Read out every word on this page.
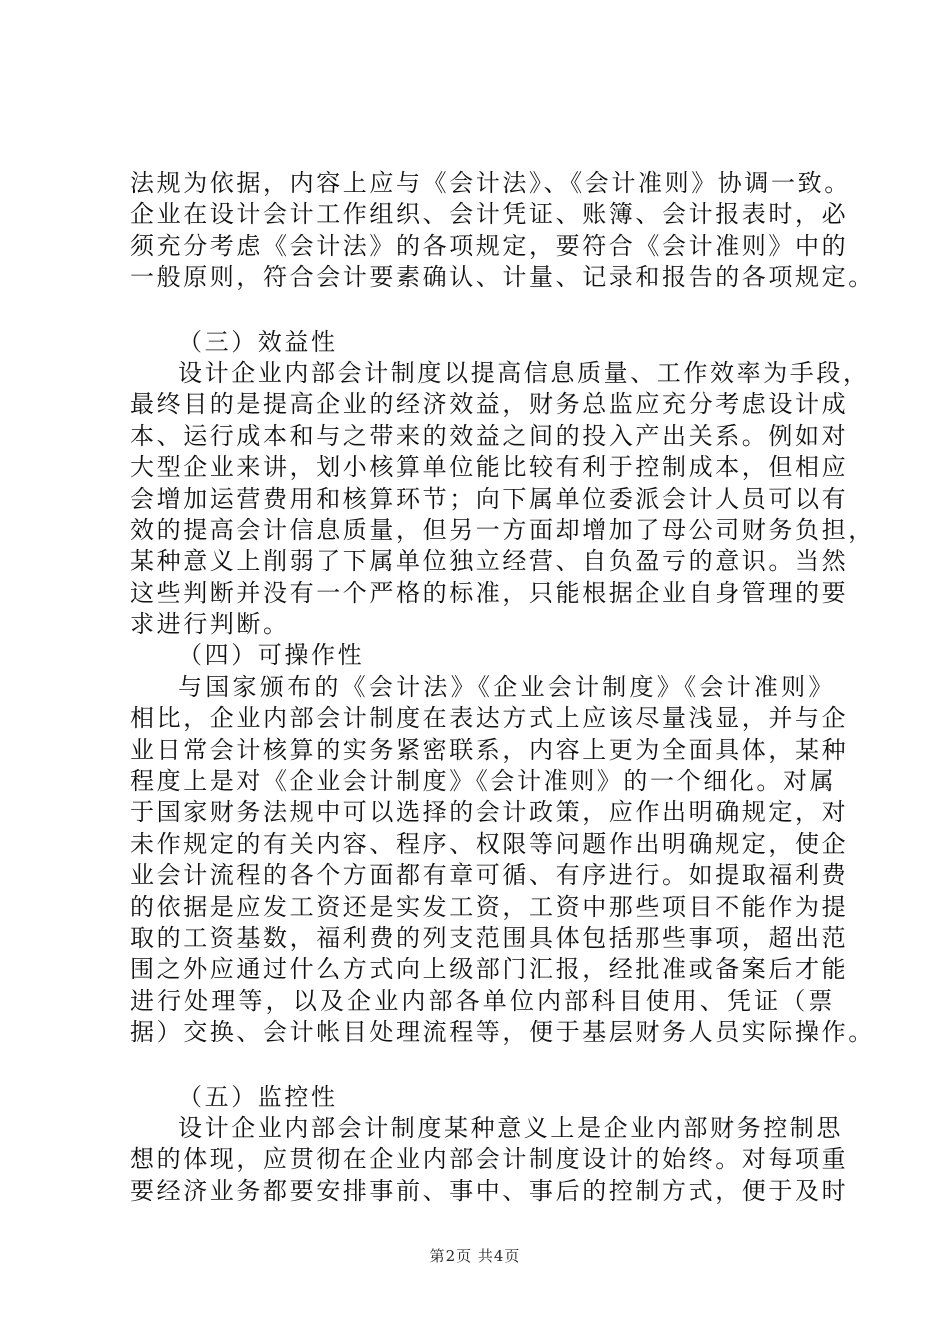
法规为依据，内容上应与《会计法》、《会计准则》协调一致。
企业在设计会计工作组织、会计凭证、账簿、会计报表时，必
须充分考虑《会计法》的各项规定，要符合《会计准则》中的
一般原则，符合会计要素确认、计量、记录和报告的各项规定。
（三）效益性
设计企业内部会计制度以提高信息质量、工作效率为手段，
最终目的是提高企业的经济效益，财务总监应充分考虑设计成
本、运行成本和与之带来的效益之间的投入产出关系。例如对
大型企业来讲，划小核算单位能比较有利于控制成本，但相应
会增加运营费用和核算环节；向下属单位委派会计人员可以有
效的提高会计信息质量，但另一方面却增加了母公司财务负担，
某种意义上削弱了下属单位独立经营、自负盈亏的意识。当然
这些判断并没有一个严格的标准，只能根据企业自身管理的要
求进行判断。
（四）可操作性
与国家颁布的《会计法》《企业会计制度》《会计准则》
相比，企业内部会计制度在表达方式上应该尽量浅显，并与企
业日常会计核算的实务紧密联系，内容上更为全面具体，某种
程度上是对《企业会计制度》《会计准则》的一个细化。对属
于国家财务法规中可以选择的会计政策，应作出明确规定，对
未作规定的有关内容、程序、权限等问题作出明确规定，使企
业会计流程的各个方面都有章可循、有序进行。如提取福利费
的依据是应发工资还是实发工资，工资中那些项目不能作为提
取的工资基数，福利费的列支范围具体包括那些事项，超出范
围之外应通过什么方式向上级部门汇报，经批准或备案后才能
进行处理等，以及企业内部各单位内部科目使用、凭证（票
据）交换、会计帐目处理流程等，便于基层财务人员实际操作。
（五）监控性
设计企业内部会计制度某种意义上是企业内部财务控制思
想的体现，应贯彻在企业内部会计制度设计的始终。对每项重
要经济业务都要安排事前、事中、事后的控制方式，便于及时
第2页 共4页
